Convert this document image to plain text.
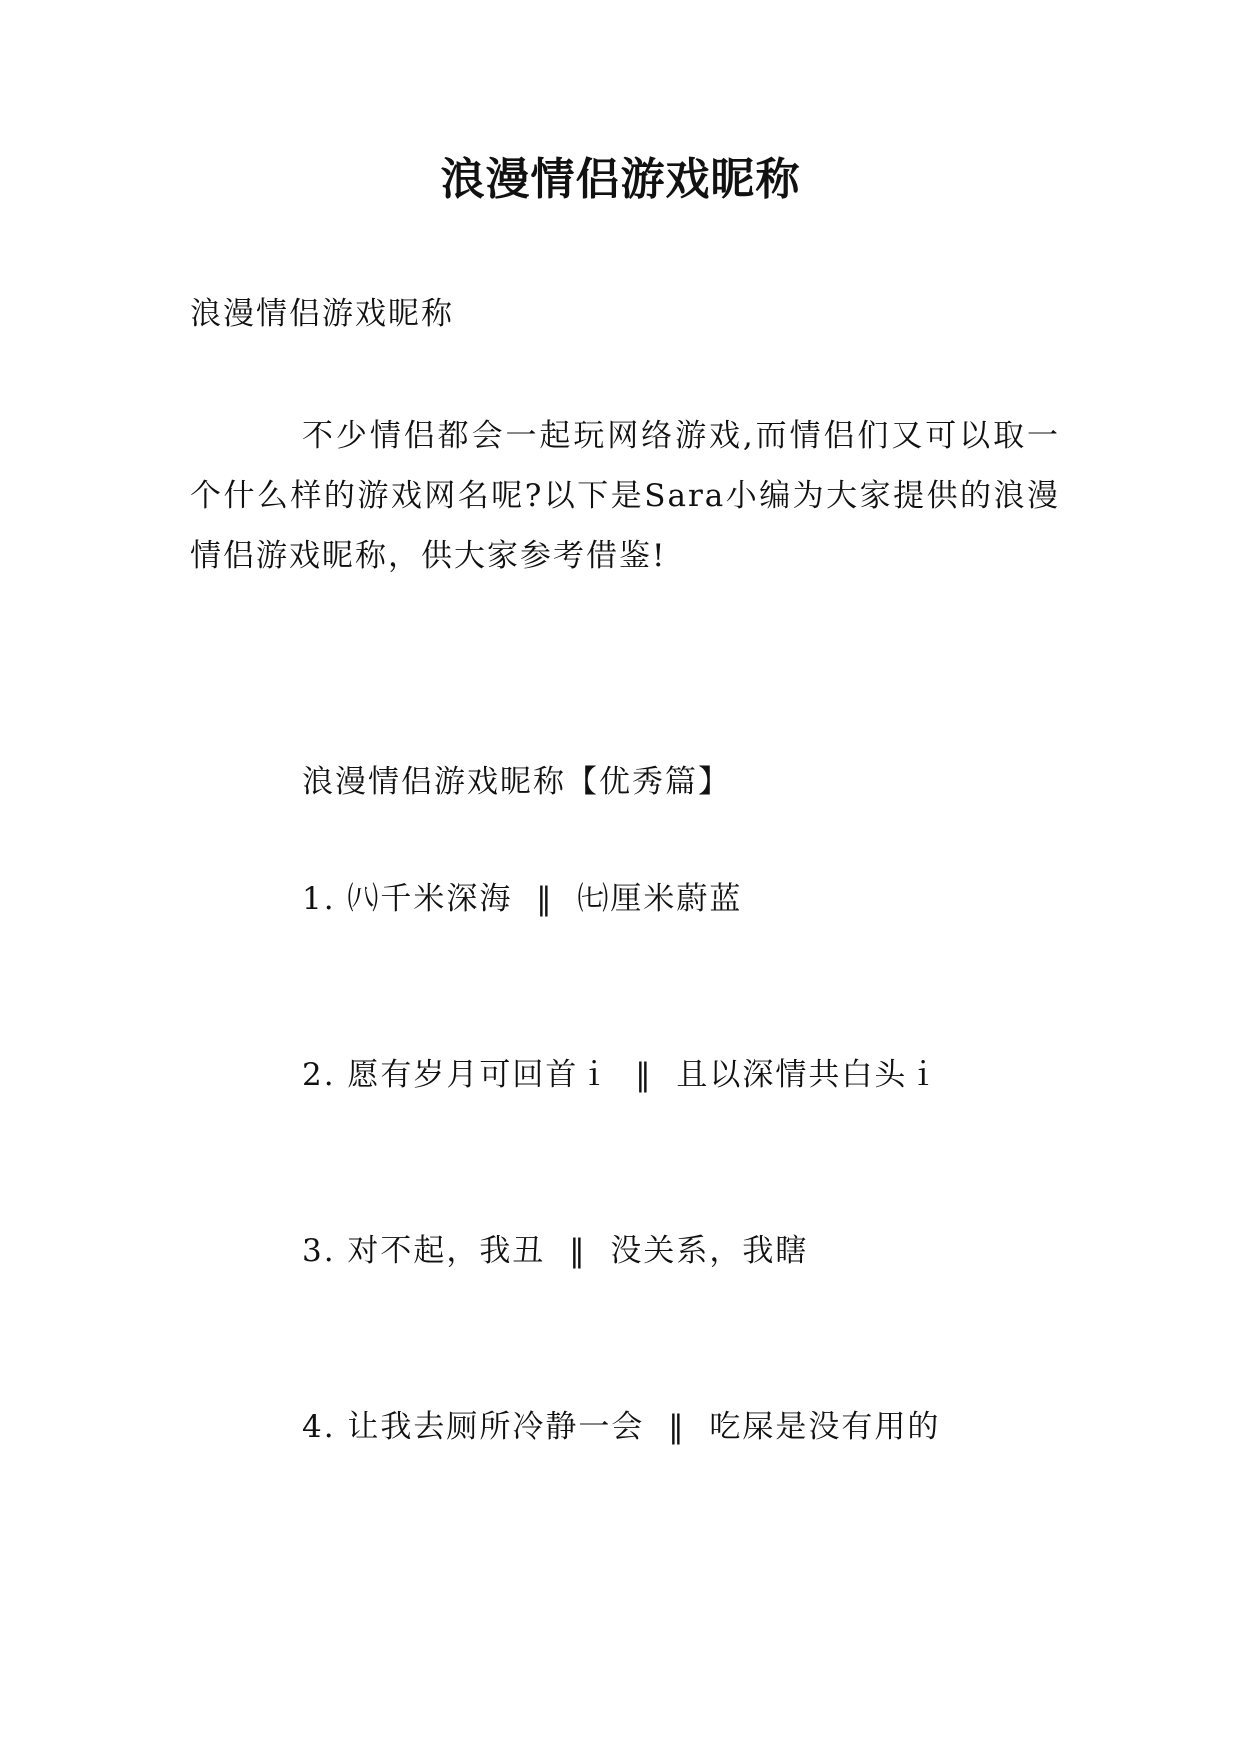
浪漫情侣游戏昵称
浪漫情侣游戏昵称
不少情侣都会一起玩网络游戏,而情侣们又可以取一个什么样的游戏网名呢?以下是Sara小编为大家提供的浪漫情侣游戏昵称，供大家参考借鉴!
浪漫情侣游戏昵称【优秀篇】
1. ㈧千米深海  ‖  ㈦厘米蔚蓝
2. 愿有岁月可回首ｉ  ‖  且以深情共白头ｉ
3. 对不起，我丑  ‖  没关系，我瞎
4. 让我去厕所冷静一会  ‖  吃屎是没有用的
